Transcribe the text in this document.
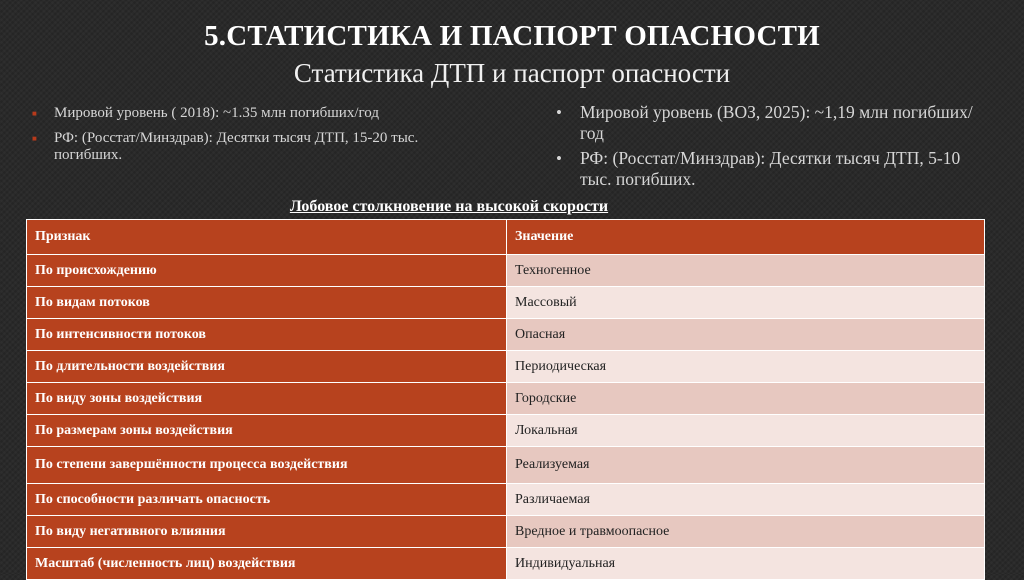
5.СТАТИСТИКА И ПАСПОРТ ОПАСНОСТИ
Статистика ДТП и паспорт опасности
■ Мировой уровень ( 2018): ~1.35 млн погибших/год
■ РФ: (Росстат/Минздрав): Десятки тысяч ДТП, 15-20 тыс. погибших.
• Мировой уровень (ВОЗ, 2025): ~1,19 млн погибших/год
• РФ: (Росстат/Минздрав): Десятки тысяч ДТП, 5-10 тыс. погибших.
Лобовое столкновение на высокой скорости
Признак	Значение
По происхождению	Техногенное
По видам потоков	Массовый
По интенсивности потоков	Опасная
По длительности воздействия	Периодическая
По виду зоны воздействия	Городские
По размерам зоны воздействия	Локальная
По степени завершённости процесса воздействия	Реализуемая
По способности различать опасность	Различаемая
По виду негативного влияния	Вредное и травмоопасное
Масштаб (численность лиц) воздействия	Индивидуальная
